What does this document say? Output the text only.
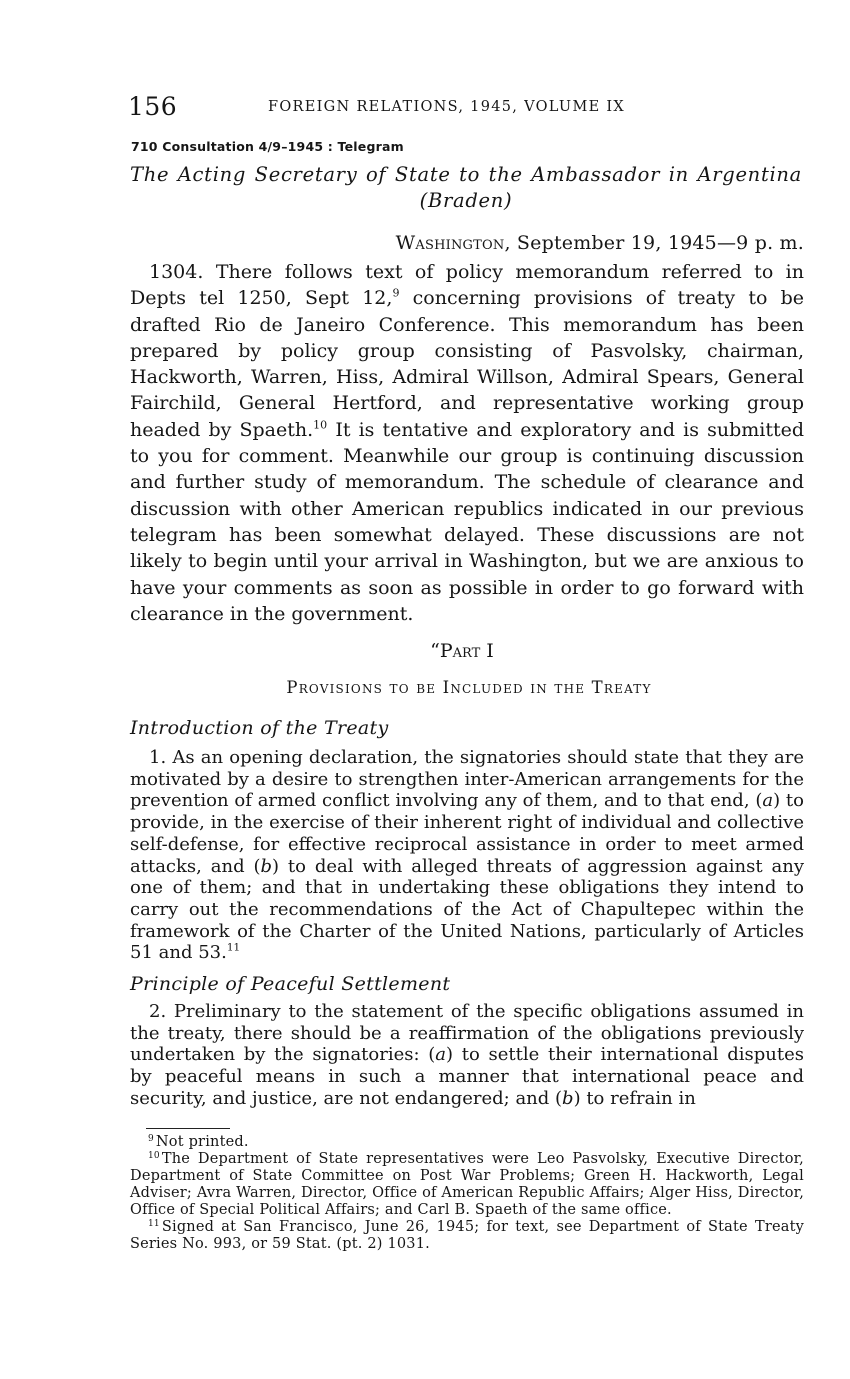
156	FOREIGN RELATIONS, 1945, VOLUME IX
710 Consultation 4/9–1945 : Telegram
The Acting Secretary of State to the Ambassador in Argentina
(Braden)
Washington, September 19, 1945—9 p. m.

1304. There follows text of policy memorandum referred to in Depts tel 1250, Sept 12,$^9$ concerning provisions of treaty to be drafted Rio de Janeiro Conference. This memorandum has been prepared by policy group consisting of Pasvolsky, chairman, Hackworth, Warren, Hiss, Admiral Willson, Admiral Spears, General Fairchild, General Hertford, and representative working group headed by Spaeth.$^{10}$ It is tentative and exploratory and is submitted to you for comment. Meanwhile our group is continuing discussion and further study of memorandum. The schedule of clearance and discussion with other American republics indicated in our previous telegram has been somewhat delayed. These discussions are not likely to begin until your arrival in Washington, but we are anxious to have your comments as soon as possible in order to go forward with clearance in the government.

“Part I
Provisions to be Included in the Treaty
Introduction of the Treaty

1. As an opening declaration, the signatories should state that they are motivated by a desire to strengthen inter-American arrangements for the prevention of armed conflict involving any of them, and to that end, (a) to provide, in the exercise of their inherent right of individual and collective self-defense, for effective reciprocal assistance in order to meet armed attacks, and (b) to deal with alleged threats of aggression against any one of them; and that in undertaking these obligations they intend to carry out the recommendations of the Act of Chapultepec within the framework of the Charter of the United Nations, particularly of Articles 51 and 53.11

Principle of Peaceful Settlement

2. Preliminary to the statement of the specific obligations assumed in the treaty, there should be a reaffirmation of the obligations previously undertaken by the signatories: (a) to settle their international disputes by peaceful means in such a manner that international peace and security, and justice, are not endangered; and (b) to refrain in

$^9$ Not printed.

$^{10}$ The Department of State representatives were Leo Pasvolsky, Executive Director, Department of State Committee on Post War Problems; Green H. Hackworth, Legal Adviser; Avra Warren, Director, Office of American Republic Affairs; Alger Hiss, Director, Office of Special Political Affairs; and Carl B. Spaeth of the same office.

$^{11}$ Signed at San Francisco, June 26, 1945; for text, see Department of State Treaty Series No. 993, or 59 Stat. (pt. 2) 1031.
